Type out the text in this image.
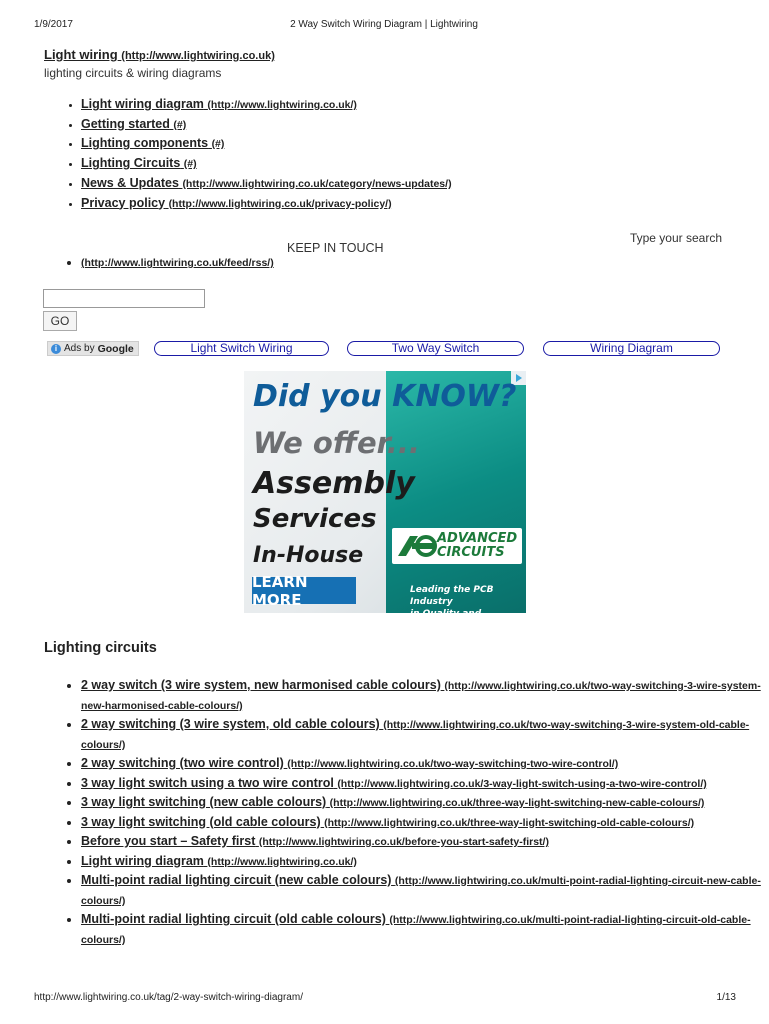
1/9/2017	2 Way Switch Wiring Diagram | Lightwiring
Light wiring (http://www.lightwiring.co.uk)
lighting circuits & wiring diagrams
• Light wiring diagram (http://www.lightwiring.co.uk/)
• Getting started (#)
• Lighting components (#)
• Lighting Circuits (#)
• News & Updates (http://www.lightwiring.co.uk/category/news-updates/)
• Privacy policy (http://www.lightwiring.co.uk/privacy-policy/)
Type your search
KEEP IN TOUCH
• (http://www.lightwiring.co.uk/feed/rss/)
GO
i Ads by Google	Light Switch Wiring	Two Way Switch	Wiring Diagram
Did you KNOW?
We offer...
Assembly
Services
In-House
LEARN MORE
ADVANCED
CIRCUITS
Leading the PCB Industry
in Quality and Innovation
Lighting circuits
• 2 way switch (3 wire system, new harmonised cable colours) (http://www.lightwiring.co.uk/two-way-switching-3-wire-system-new-harmonised-cable-colours/)
• 2 way switching (3 wire system, old cable colours) (http://www.lightwiring.co.uk/two-way-switching-3-wire-system-old-cable-colours/)
• 2 way switching (two wire control) (http://www.lightwiring.co.uk/two-way-switching-two-wire-control/)
• 3 way light switch using a two wire control (http://www.lightwiring.co.uk/3-way-light-switch-using-a-two-wire-control/)
• 3 way light switching (new cable colours) (http://www.lightwiring.co.uk/three-way-light-switching-new-cable-colours/)
• 3 way light switching (old cable colours) (http://www.lightwiring.co.uk/three-way-light-switching-old-cable-colours/)
• Before you start – Safety first (http://www.lightwiring.co.uk/before-you-start-safety-first/)
• Light wiring diagram (http://www.lightwiring.co.uk/)
• Multi-point radial lighting circuit (new cable colours) (http://www.lightwiring.co.uk/multi-point-radial-lighting-circuit-new-cable-colours/)
• Multi-point radial lighting circuit (old cable colours) (http://www.lightwiring.co.uk/multi-point-radial-lighting-circuit-old-cable-colours/)
http://www.lightwiring.co.uk/tag/2-way-switch-wiring-diagram/	1/13
